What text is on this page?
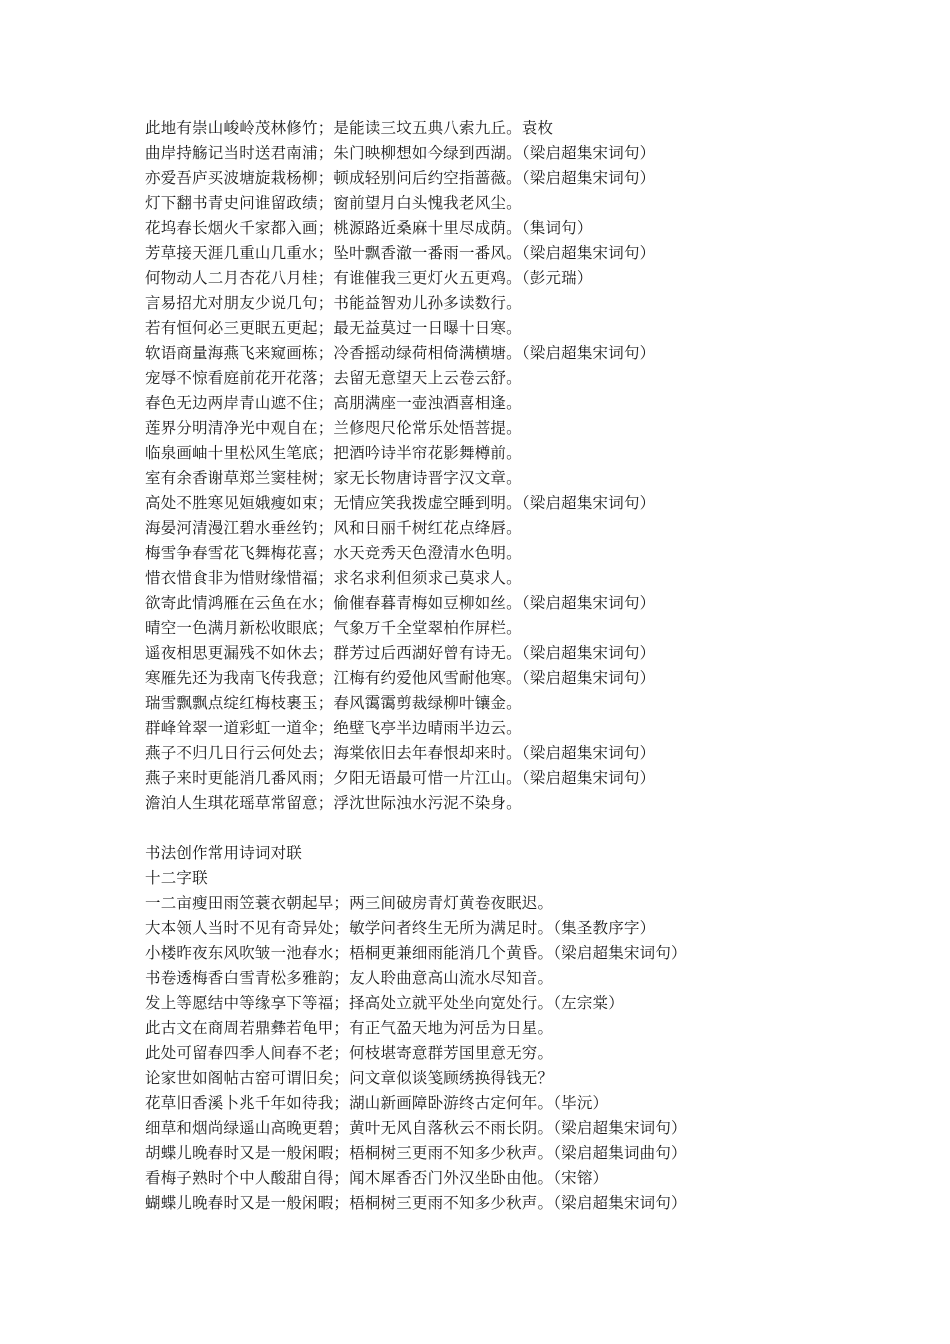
此地有崇山峻岭茂林修竹；是能读三坟五典八索九丘。袁枚
曲岸持觞记当时送君南浦；朱门映柳想如今绿到西湖。（梁启超集宋词句）
亦爱吾庐买波塘旋栽杨柳；顿成轻别问后约空指蔷薇。（梁启超集宋词句）
灯下翻书青史问谁留政绩；窗前望月白头愧我老风尘。
花坞春长烟火千家都入画；桃源路近桑麻十里尽成荫。（集词句）
芳草接天涯几重山几重水；坠叶飘香澈一番雨一番风。（梁启超集宋词句）
何物动人二月杏花八月桂；有谁催我三更灯火五更鸡。（彭元瑞）
言易招尤对朋友少说几句；书能益智劝儿孙多读数行。
若有恒何必三更眠五更起；最无益莫过一日曝十日寒。
软语商量海燕飞来窥画栋；冷香摇动绿荷相倚满横塘。（梁启超集宋词句）
宠辱不惊看庭前花开花落；去留无意望天上云卷云舒。
春色无边两岸青山遮不住；高朋满座一壶浊酒喜相逢。
莲界分明清净光中观自在；兰修咫尺伦常乐处悟菩提。
临泉画岫十里松风生笔底；把酒吟诗半帘花影舞樽前。
室有余香谢草郑兰窦桂树；家无长物唐诗晋字汉文章。
高处不胜寒见姮娥瘦如束；无情应笑我拨虚空睡到明。（梁启超集宋词句）
海晏河清漫江碧水垂丝钓；风和日丽千树红花点绛唇。
梅雪争春雪花飞舞梅花喜；水天竞秀天色澄清水色明。
惜衣惜食非为惜财缘惜福；求名求利但须求己莫求人。
欲寄此情鸿雁在云鱼在水；偷催春暮青梅如豆柳如丝。（梁启超集宋词句）
晴空一色满月新松收眼底；气象万千全堂翠柏作屏栏。
遥夜相思更漏残不如休去；群芳过后西湖好曾有诗无。（梁启超集宋词句）
寒雁先还为我南飞传我意；江梅有约爱他风雪耐他寒。（梁启超集宋词句）
瑞雪飘飘点绽红梅枝裹玉；春风霭霭剪裁绿柳叶镶金。
群峰耸翠一道彩虹一道伞；绝壁飞亭半边晴雨半边云。
燕子不归几日行云何处去；海棠依旧去年春恨却来时。（梁启超集宋词句）
燕子来时更能消几番风雨；夕阳无语最可惜一片江山。（梁启超集宋词句）
澹泊人生琪花瑶草常留意；浮沈世际浊水污泥不染身。
书法创作常用诗词对联
十二字联
一二亩瘦田雨笠蓑衣朝起早；两三间破房青灯黄卷夜眠迟。
大本领人当时不见有奇异处；敏学问者终生无所为满足时。（集圣教序字）
小楼昨夜东风吹皱一池春水；梧桐更兼细雨能消几个黄昏。（梁启超集宋词句）
书卷透梅香白雪青松多雅韵；友人聆曲意高山流水尽知音。
发上等愿结中等缘享下等福；择高处立就平处坐向宽处行。（左宗棠）
此古文在商周若鼎彝若龟甲；有正气盈天地为河岳为日星。
此处可留春四季人间春不老；何枝堪寄意群芳国里意无穷。
论家世如阁帖古窑可谓旧矣；问文章似谈笺顾绣换得钱无？
花草旧香溪卜兆千年如待我；湖山新画障卧游终古定何年。（毕沅）
细草和烟尚绿遥山高晚更碧；黄叶无风自落秋云不雨长阴。（梁启超集宋词句）
胡蝶儿晚春时又是一般闲暇；梧桐树三更雨不知多少秋声。（梁启超集词曲句）
看梅子熟时个中人酸甜自得；闻木犀香否门外汉坐卧由他。（宋镕）
蝴蝶儿晚春时又是一般闲暇；梧桐树三更雨不知多少秋声。（梁启超集宋词句）
